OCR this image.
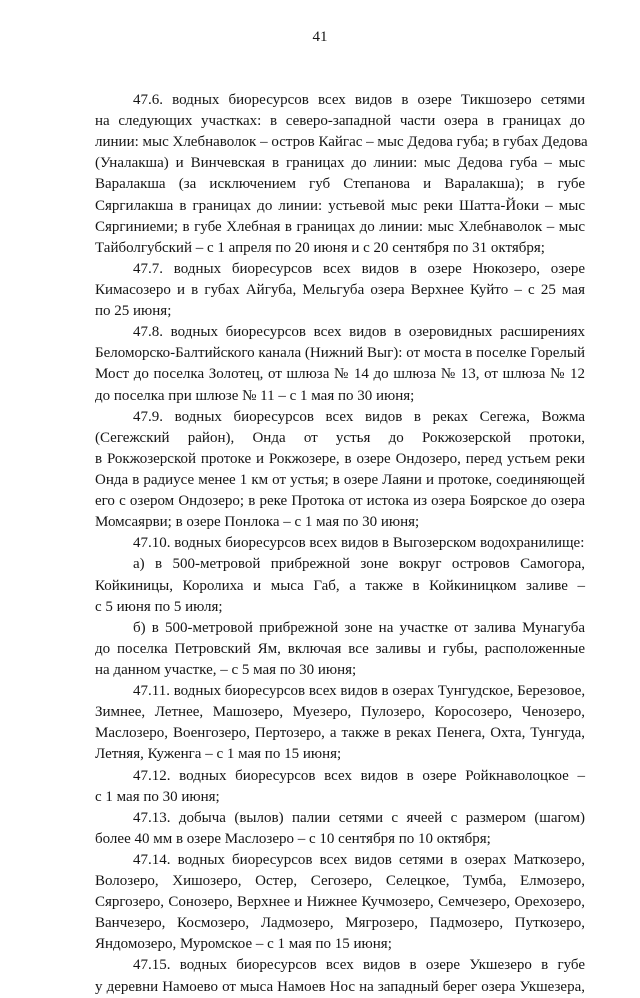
41
47.6. водных биоресурсов всех видов в озере Тикшозеро сетями
на следующих участках: в северо-западной части озера в границах до
линии: мыс Хлебнаволок – остров Кайгас – мыс Дедова губа; в губах Дедова
(Уналакша) и Винчевская в границах до линии: мыс Дедова губа – мыс
Варалакша (за исключением губ Степанова и Варалакша); в губе
Сяргилакша в границах до линии: устьевой мыс реки Шатта-Йоки – мыс
Сяргиниеми; в губе Хлебная в границах до линии: мыс Хлебнаволок – мыс
Тайболгубский – с 1 апреля по 20 июня и с 20 сентября по 31 октября;
47.7. водных биоресурсов всех видов в озере Нюкозеро, озере
Кимасозеро и в губах Айгуба, Мельгуба озера Верхнее Куйто – с 25 мая
по 25 июня;
47.8. водных биоресурсов всех видов в озеровидных расширениях
Беломорско-Балтийского канала (Нижний Выг): от моста в поселке Горелый
Мост до поселка Золотец, от шлюза № 14 до шлюза № 13, от шлюза № 12
до поселка при шлюзе № 11 – с 1 мая по 30 июня;
47.9. водных биоресурсов всех видов в реках Сегежа, Вожма
(Сегежский район), Онда от устья до Рокжозерской протоки,
в Рокжозерской протоке и Рокжозере, в озере Ондозеро, перед устьем реки
Онда в радиусе менее 1 км от устья; в озере Лаяни и протоке, соединяющей
его с озером Ондозеро; в реке Протока от истока из озера Боярское до озера
Момсаярви; в озере Понлока – с 1 мая по 30 июня;
47.10. водных биоресурсов всех видов в Выгозерском водохранилище:
а) в 500-метровой прибрежной зоне вокруг островов Самогора,
Койкиницы, Королиха и мыса Габ, а также в Койкиницком заливе –
с 5 июня по 5 июля;
б) в 500-метровой прибрежной зоне на участке от залива Мунагуба
до поселка Петровский Ям, включая все заливы и губы, расположенные
на данном участке, – с 5 мая по 30 июня;
47.11. водных биоресурсов всех видов в озерах Тунгудское, Березовое,
Зимнее, Летнее, Машозеро, Муезеро, Пулозеро, Коросозеро, Ченозеро,
Маслозеро, Военгозеро, Пертозеро, а также в реках Пенега, Охта, Тунгуда,
Летняя, Куженга – с 1 мая по 15 июня;
47.12. водных биоресурсов всех видов в озере Ройкнаволоцкое –
с 1 мая по 30 июня;
47.13. добыча (вылов) палии сетями с ячеей с размером (шагом)
более 40 мм в озере Маслозеро – с 10 сентября по 10 октября;
47.14. водных биоресурсов всех видов сетями в озерах Маткозеро,
Волозеро, Хишозеро, Остер, Сегозеро, Селецкое, Тумба, Елмозеро,
Сяргозеро, Сонозеро, Верхнее и Нижнее Кучмозеро, Семчезеро, Орехозеро,
Ванчезеро, Космозеро, Ладмозеро, Мягрозеро, Падмозеро, Путкозеро,
Яндомозеро, Муромское – с 1 мая по 15 июня;
47.15. водных биоресурсов всех видов в озере Укшезеро в губе
у деревни Намоево от мыса Намоев Нос на западный берег озера Укшезера,
